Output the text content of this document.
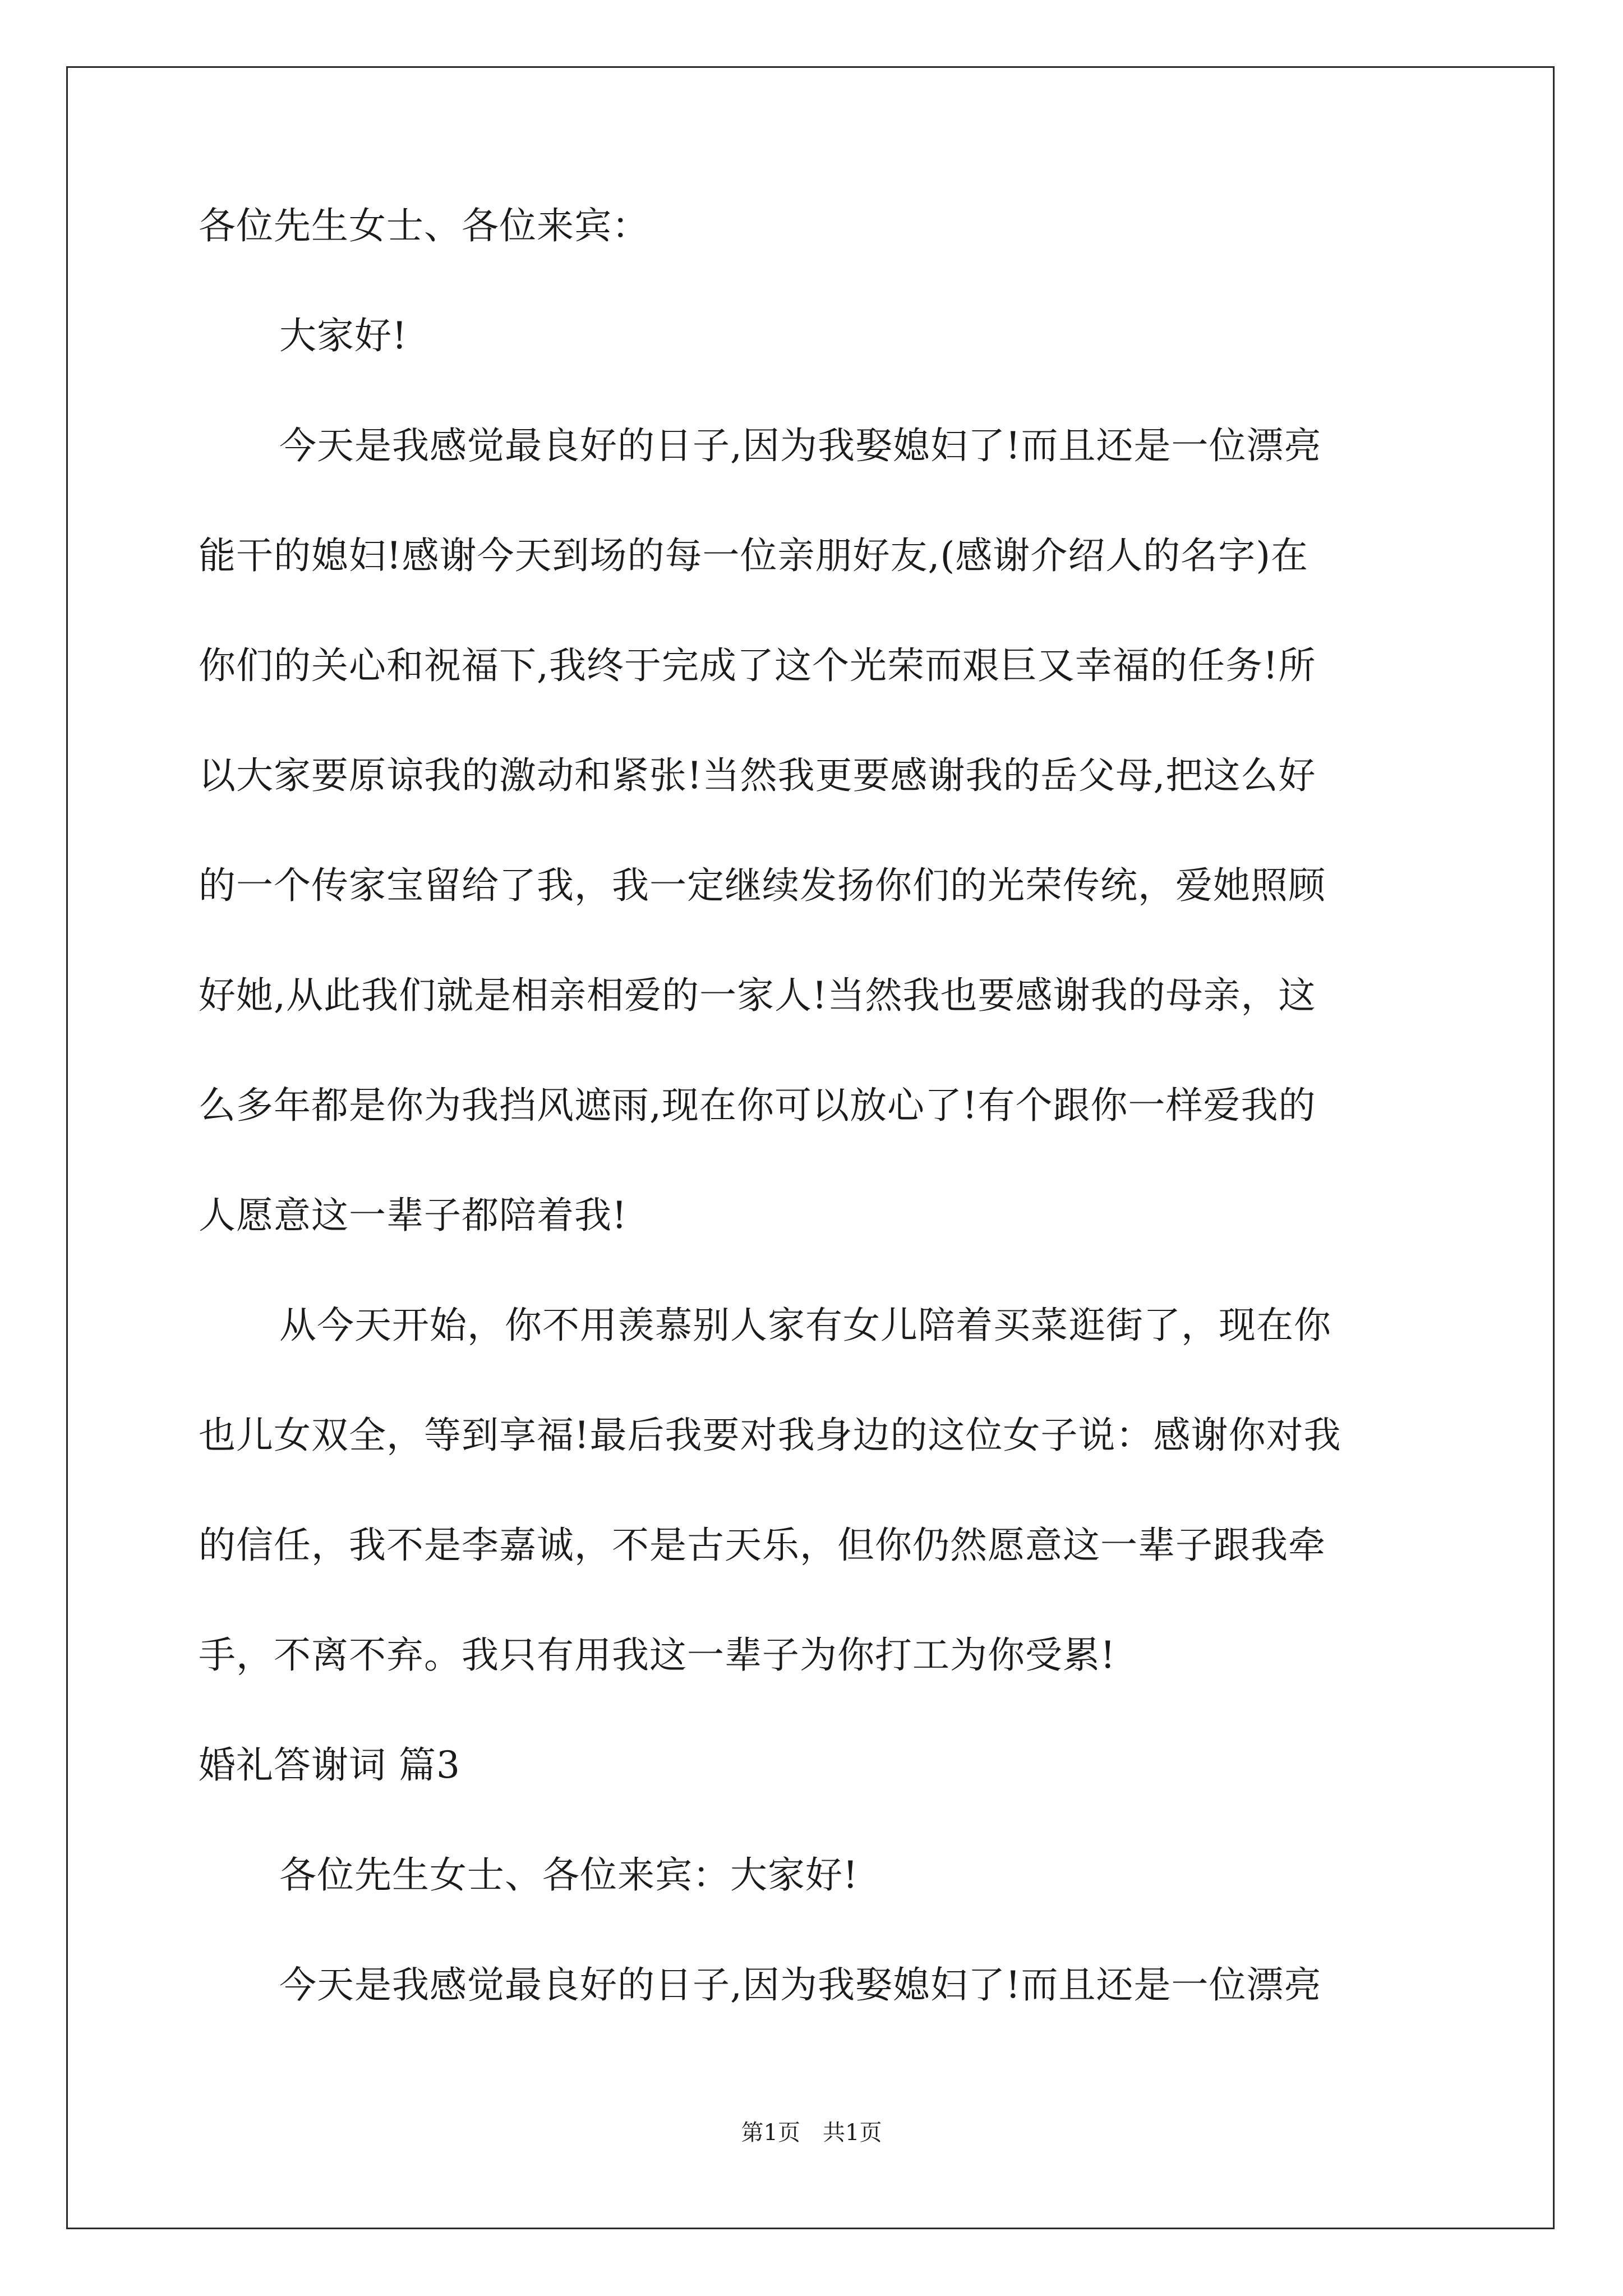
各位先生女士、各位来宾：
大家好!
今天是我感觉最良好的日子,因为我娶媳妇了!而且还是一位漂亮
能干的媳妇!感谢今天到场的每一位亲朋好友,(感谢介绍人的名字)在
你们的关心和祝福下,我终于完成了这个光荣而艰巨又幸福的任务!所
以大家要原谅我的激动和紧张!当然我更要感谢我的岳父母,把这么好
的一个传家宝留给了我，我一定继续发扬你们的光荣传统，爱她照顾
好她,从此我们就是相亲相爱的一家人!当然我也要感谢我的母亲，这
么多年都是你为我挡风遮雨,现在你可以放心了!有个跟你一样爱我的
人愿意这一辈子都陪着我!
从今天开始，你不用羡慕别人家有女儿陪着买菜逛街了，现在你
也儿女双全，等到享福!最后我要对我身边的这位女子说：感谢你对我
的信任，我不是李嘉诚，不是古天乐，但你仍然愿意这一辈子跟我牵
手，不离不弃。我只有用我这一辈子为你打工为你受累!
婚礼答谢词 篇3
各位先生女士、各位来宾：大家好!
今天是我感觉最良好的日子,因为我娶媳妇了!而且还是一位漂亮
第1页　共1页
